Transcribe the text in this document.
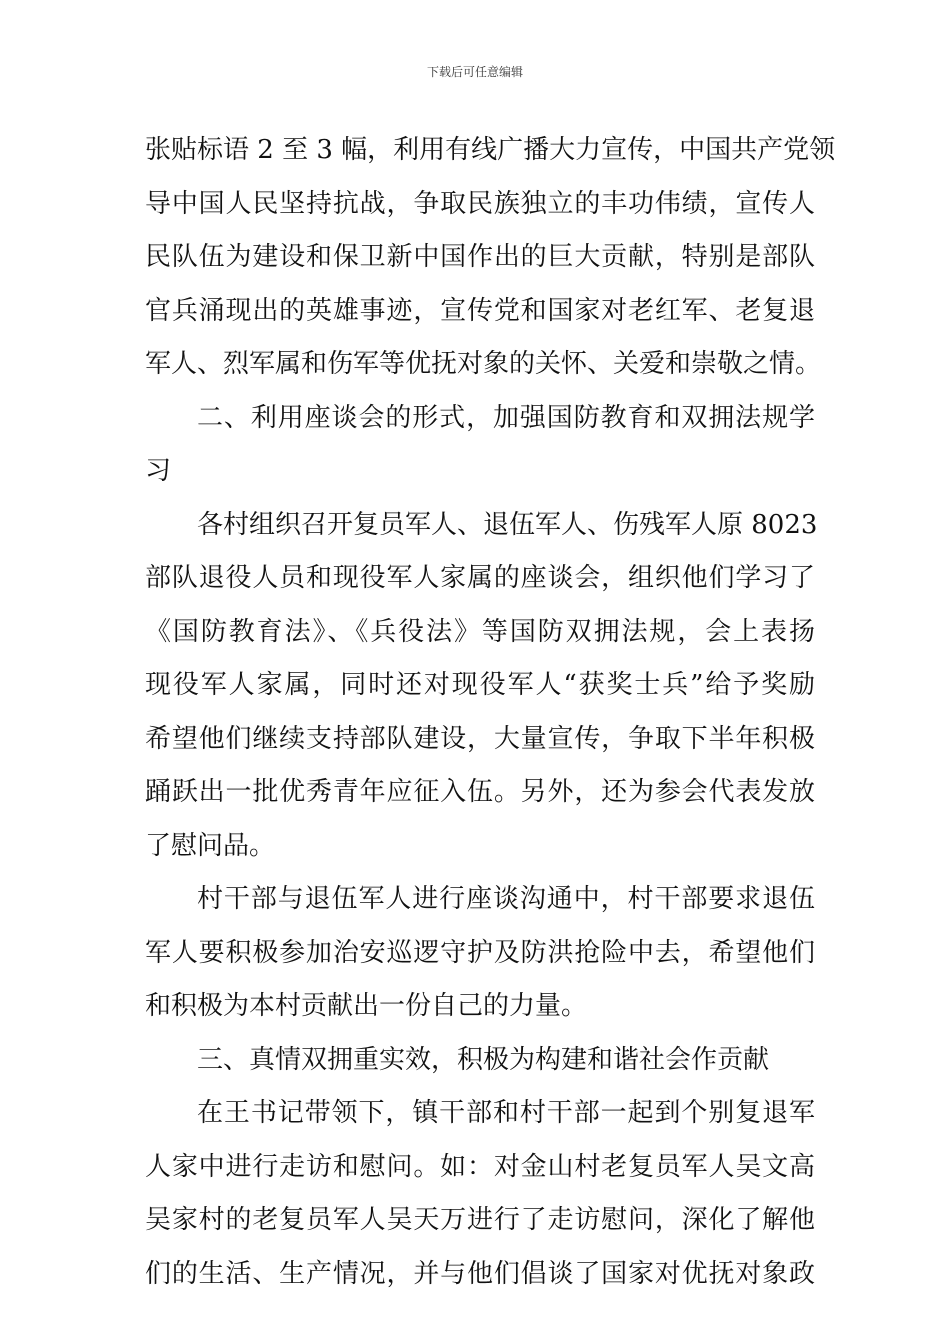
下载后可任意编辑
张贴标语 2 至 3 幅，利用有线广播大力宣传，中国共产党领
导中国人民坚持抗战，争取民族独立的丰功伟绩，宣传人
民队伍为建设和保卫新中国作出的巨大贡献，特别是部队
官兵涌现出的英雄事迹，宣传党和国家对老红军、老复退
军人、烈军属和伤军等优抚对象的关怀、关爱和崇敬之情。
二、利用座谈会的形式，加强国防教育和双拥法规学
习
各村组织召开复员军人、退伍军人、伤残军人原 8023
部队退役人员和现役军人家属的座谈会，组织他们学习了
《国防教育法》、《兵役法》等国防双拥法规，会上表扬
现役军人家属，同时还对现役军人“获奖士兵”给予奖励
希望他们继续支持部队建设，大量宣传，争取下半年积极
踊跃出一批优秀青年应征入伍。另外，还为参会代表发放
了慰问品。
村干部与退伍军人进行座谈沟通中，村干部要求退伍
军人要积极参加治安巡逻守护及防洪抢险中去，希望他们
和积极为本村贡献出一份自己的力量。
三、真情双拥重实效，积极为构建和谐社会作贡献
在王书记带领下，镇干部和村干部一起到个别复退军
人家中进行走访和慰问。如：对金山村老复员军人吴文高
吴家村的老复员军人吴天万进行了走访慰问，深化了解他
们的生活、生产情况，并与他们倡谈了国家对优抚对象政
